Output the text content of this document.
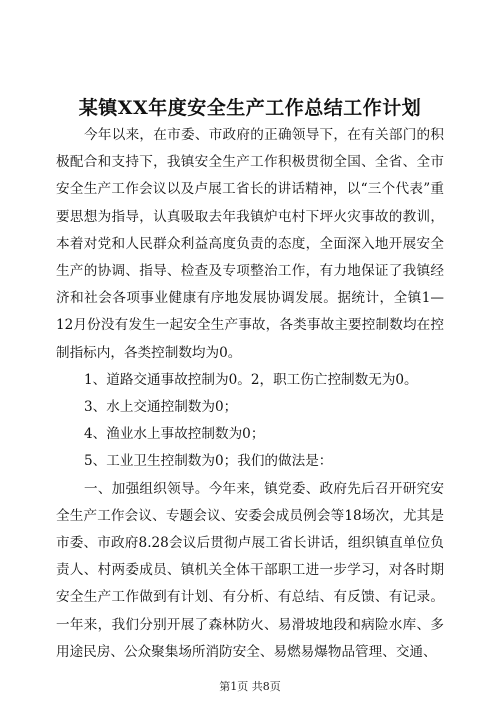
某镇XX年度安全生产工作总结工作计划

今年以来，在市委、市政府的正确领导下，在有关部门的积极配合和支持下，我镇安全生产工作积极贯彻全国、全省、全市安全生产工作会议以及卢展工省长的讲话精神，以“三个代表”重要思想为指导，认真吸取去年我镇炉屯村下坪火灾事故的教训，本着对党和人民群众利益高度负责的态度，全面深入地开展安全生产的协调、指导、检查及专项整治工作，有力地保证了我镇经济和社会各项事业健康有序地发展协调发展。据统计，全镇1—12月份没有发生一起安全生产事故，各类事故主要控制数均在控制指标内，各类控制数均为0。

1、道路交通事故控制为0。2，职工伤亡控制数无为0。

3、水上交通控制数为0；

4、渔业水上事故控制数为0；

5、工业卫生控制数为0；我们的做法是：

一、加强组织领导。今年来，镇党委、政府先后召开研究安全生产工作会议、专题会议、安委会成员例会等18场次，尤其是市委、市政府8.28会议后贯彻卢展工省长讲话，组织镇直单位负责人、村两委成员、镇机关全体干部职工进一步学习，对各时期安全生产工作做到有计划、有分析、有总结、有反馈、有记录。一年来，我们分别开展了森林防火、易滑坡地段和病险水库、多用途民房、公众聚集场所消防安全、易燃易爆物品管理、交通、

第1页 共8页
